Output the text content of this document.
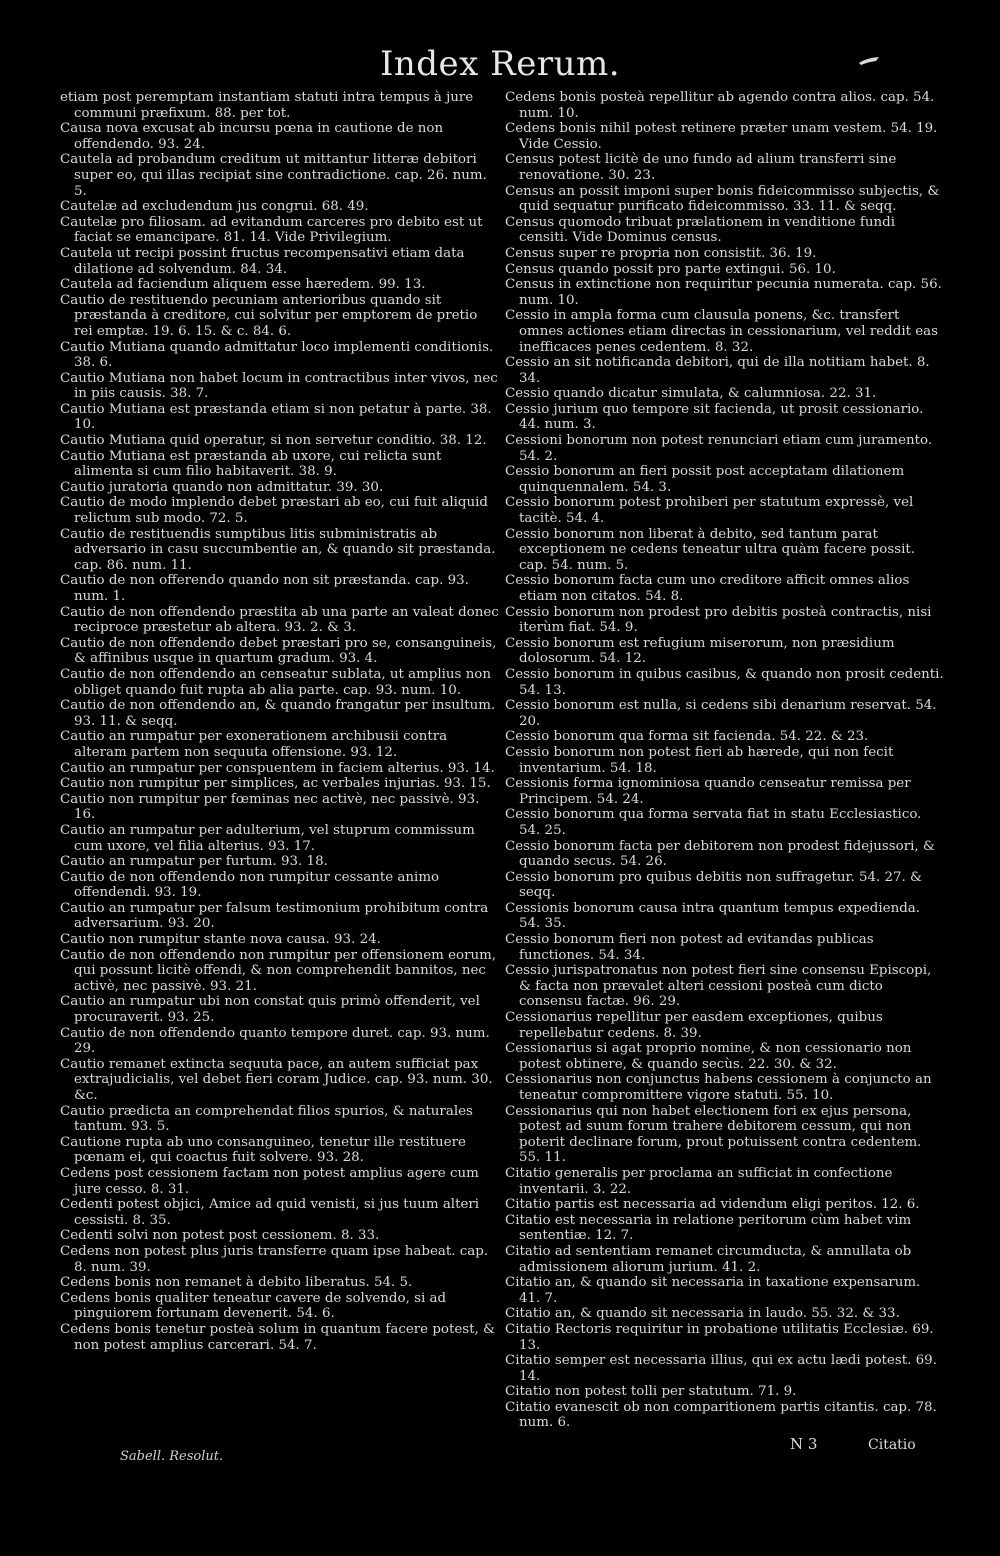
Index Rerum.

etiam post peremptam instantiam statuti intra tempus à jure communi præfixum. 88. per tot.

Causa nova excusat ab incursu pœna in cautione de non offendendo. 93. 24.

Cautela ad probandum creditum ut mittantur litteræ debitori super eo, qui illas recipiat sine contradictione. cap. 26. num. 5.

Cautelæ ad excludendum jus congrui. 68. 49.

Cautelæ pro filiosam. ad evitandum carceres pro debito est ut faciat se emancipare. 81. 14. Vide Privilegium.

Cautela ut recipi possint fructus recompensativi etiam data dilatione ad solvendum. 84. 34.

Cautela ad faciendum aliquem esse hæredem. 99. 13.

Cautio de restituendo pecuniam anterioribus quando sit præstanda à creditore, cui solvitur per emptorem de pretio rei emptæ. 19. 6. 15. & c. 84. 6.

Cautio Mutiana quando admittatur loco implementi conditionis. 38. 6.

Cautio Mutiana non habet locum in contractibus inter vivos, nec in piis causis. 38. 7.

Cautio Mutiana est præstanda etiam si non petatur à parte. 38. 10.

Cautio Mutiana quid operatur, si non servetur conditio. 38. 12.

Cautio Mutiana est præstanda ab uxore, cui relicta sunt alimenta si cum filio habitaverit. 38. 9.

Cautio juratoria quando non admittatur. 39. 30.

Cautio de modo implendo debet præstari ab eo, cui fuit aliquid relictum sub modo. 72. 5.

Cautio de restituendis sumptibus litis subministratis ab adversario in casu succumbentie an, & quando sit præstanda. cap. 86. num. 11.

Cautio de non offerendo quando non sit præstanda. cap. 93. num. 1.

Cautio de non offendendo præstita ab una parte an valeat donec reciproce præstetur ab altera. 93. 2. & 3.

Cautio de non offendendo debet præstari pro se, consanguineis, & affinibus usque in quartum gradum. 93. 4.

Cautio de non offendendo an censeatur sublata, ut amplius non obliget quando fuit rupta ab alia parte. cap. 93. num. 10.

Cautio de non offendendo an, & quando frangatur per insultum. 93. 11. & seqq.

Cautio an rumpatur per exonerationem archibusii contra alteram partem non sequuta offensione. 93. 12.

Cautio an rumpatur per conspuentem in faciem alterius. 93. 14.

Cautio non rumpitur per simplices, ac verbales injurias. 93. 15.

Cautio non rumpitur per fœminas nec activè, nec passivè. 93. 16.

Cautio an rumpatur per adulterium, vel stuprum commissum cum uxore, vel filia alterius. 93. 17.

Cautio an rumpatur per furtum. 93. 18.

Cautio de non offendendo non rumpitur cessante animo offendendi. 93. 19.

Cautio an rumpatur per falsum testimonium prohibitum contra adversarium. 93. 20.

Cautio non rumpitur stante nova causa. 93. 24.

Cautio de non offendendo non rumpitur per offensionem eorum, qui possunt licitè offendi, & non comprehendit bannitos, nec activè, nec passivè. 93. 21.

Cautio an rumpatur ubi non constat quis primò offenderit, vel procuraverit. 93. 25.

Cautio de non offendendo quanto tempore duret. cap. 93. num. 29.

Cautio remanet extincta sequuta pace, an autem sufficiat pax extrajudicialis, vel debet fieri coram Judice. cap. 93. num. 30. &c.

Cautio prædicta an comprehendat filios spurios, & naturales tantum. 93. 5.

Cautione rupta ab uno consanguineo, tenetur ille restituere pœnam ei, qui coactus fuit solvere. 93. 28.

Cedens post cessionem factam non potest amplius agere cum jure cesso. 8. 31.

Cedenti potest objici, Amice ad quid venisti, si jus tuum alteri cessisti. 8. 35.

Cedenti solvi non potest post cessionem. 8. 33.

Cedens non potest plus juris transferre quam ipse habeat. cap. 8. num. 39.

Cedens bonis non remanet à debito liberatus. 54. 5.

Cedens bonis qualiter teneatur cavere de solvendo, si ad pinguiorem fortunam devenerit. 54. 6.

Cedens bonis tenetur posteà solum in quantum facere potest, & non potest amplius carcerari. 54. 7.

Cedens bonis posteà repellitur ab agendo contra alios. cap. 54. num. 10.

Cedens bonis nihil potest retinere præter unam vestem. 54. 19. Vide Cessio.

Census potest licitè de uno fundo ad alium transferri sine renovatione. 30. 23.

Census an possit imponi super bonis fideicommisso subjectis, & quid sequatur purificato fideicommisso. 33. 11. & seqq.

Census quomodo tribuat prælationem in venditione fundi censiti. Vide Dominus census.

Census super re propria non consistit. 36. 19.

Census quando possit pro parte extingui. 56. 10.

Census in extinctione non requiritur pecunia numerata. cap. 56. num. 10.

Cessio in ampla forma cum clausula ponens, &c. transfert omnes actiones etiam directas in cessionarium, vel reddit eas inefficaces penes cedentem. 8. 32.

Cessio an sit notificanda debitori, qui de illa notitiam habet. 8. 34.

Cessio quando dicatur simulata, & calumniosa. 22. 31.

Cessio jurium quo tempore sit facienda, ut prosit cessionario. 44. num. 3.

Cessioni bonorum non potest renunciari etiam cum juramento. 54. 2.

Cessio bonorum an fieri possit post acceptatam dilationem quinquennalem. 54. 3.

Cessio bonorum potest prohiberi per statutum expressè, vel tacitè. 54. 4.

Cessio bonorum non liberat à debito, sed tantum parat exceptionem ne cedens teneatur ultra quàm facere possit. cap. 54. num. 5.

Cessio bonorum facta cum uno creditore afficit omnes alios etiam non citatos. 54. 8.

Cessio bonorum non prodest pro debitis posteà contractis, nisi iterùm fiat. 54. 9.

Cessio bonorum est refugium miserorum, non præsidium dolosorum. 54. 12.

Cessio bonorum in quibus casibus, & quando non prosit cedenti. 54. 13.

Cessio bonorum est nulla, si cedens sibi denarium reservat. 54. 20.

Cessio bonorum qua forma sit facienda. 54. 22. & 23.

Cessio bonorum non potest fieri ab hærede, qui non fecit inventarium. 54. 18.

Cessionis forma ignominiosa quando censeatur remissa per Principem. 54. 24.

Cessio bonorum qua forma servata fiat in statu Ecclesiastico. 54. 25.

Cessio bonorum facta per debitorem non prodest fidejussori, & quando secus. 54. 26.

Cessio bonorum pro quibus debitis non suffragetur. 54. 27. & seqq.

Cessionis bonorum causa intra quantum tempus expedienda. 54. 35.

Cessio bonorum fieri non potest ad evitandas publicas functiones. 54. 34.

Cessio jurispatronatus non potest fieri sine consensu Episcopi, & facta non prævalet alteri cessioni posteà cum dicto consensu factæ. 96. 29.

Cessionarius repellitur per easdem exceptiones, quibus repellebatur cedens. 8. 39.

Cessionarius si agat proprio nomine, & non cessionario non potest obtinere, & quando secùs. 22. 30. & 32.

Cessionarius non conjunctus habens cessionem à conjuncto an teneatur compromittere vigore statuti. 55. 10.

Cessionarius qui non habet electionem fori ex ejus persona, potest ad suum forum trahere debitorem cessum, qui non poterit declinare forum, prout potuissent contra cedentem. 55. 11.

Citatio generalis per proclama an sufficiat in confectione inventarii. 3. 22.

Citatio partis est necessaria ad videndum eligi peritos. 12. 6.

Citatio est necessaria in relatione peritorum cùm habet vim sententiæ. 12. 7.

Citatio ad sententiam remanet circumducta, & annullata ob admissionem aliorum jurium. 41. 2.

Citatio an, & quando sit necessaria in taxatione expensarum. 41. 7.

Citatio an, & quando sit necessaria in laudo. 55. 32. & 33.

Citatio Rectoris requiritur in probatione utilitatis Ecclesiæ. 69. 13.

Citatio semper est necessaria illius, qui ex actu lædi potest. 69. 14.

Citatio non potest tolli per statutum. 71. 9.

Citatio evanescit ob non comparitionem partis citantis. cap. 78. num. 6.

Sabell. Resolut.
N 3	Citatio
